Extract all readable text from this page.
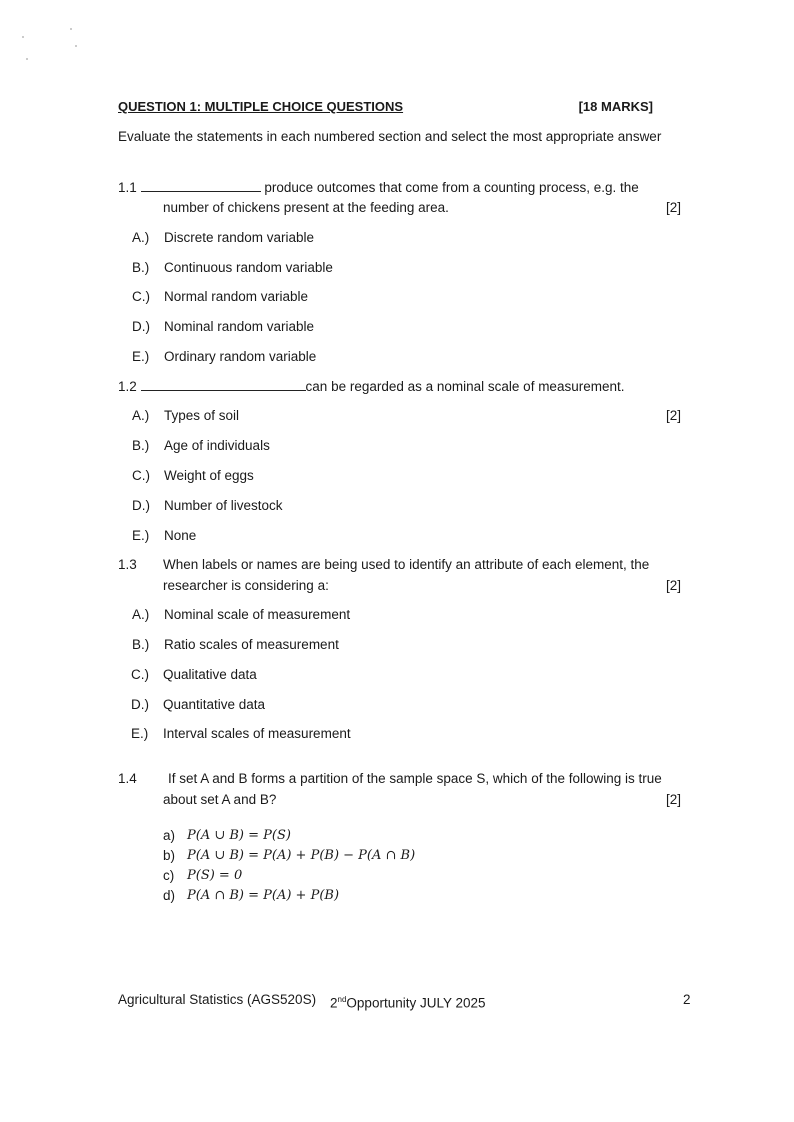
QUESTION 1: MULTIPLE CHOICE QUESTIONS	[18 MARKS]
Evaluate the statements in each numbered section and select the most appropriate answer
1.1	produce outcomes that come from a counting process, e.g. the
number of chickens present at the feeding area.	[2]
1.2	can be regarded as a nominal scale of measurement.
[2]
1.3 When labels or names are being used to identify an attribute of each element, the
researcher is considering a:	[2]
1.4 If set A and B forms a partition of the sample space S, which of the following is true
about set A and B?	[2]
A.) Discrete random variable
B.) Continuous random variable
C.) Normal random variable
D.) Nominal random variable
E.) Ordinary random variable
A.) Types of soil
B.) Age of individuals
C.) Weight of eggs
D.) Number of livestock
E.) None
A.) Nominal scale of measurement
B.) Ratio scales of measurement
C.) Qualitative data
D.) Quantitative data
E.) Interval scales of measurement
a) P(A ∪ B) = P(S)
b) P(A ∪ B) = P(A) + P(B) − P(A ∩ B)
c) P(S) = 0
d) P(A ∩ B) = P(A) + P(B)
Agricultural Statistics (AGS520S) 2ndOpportunity JULY 2025	2
